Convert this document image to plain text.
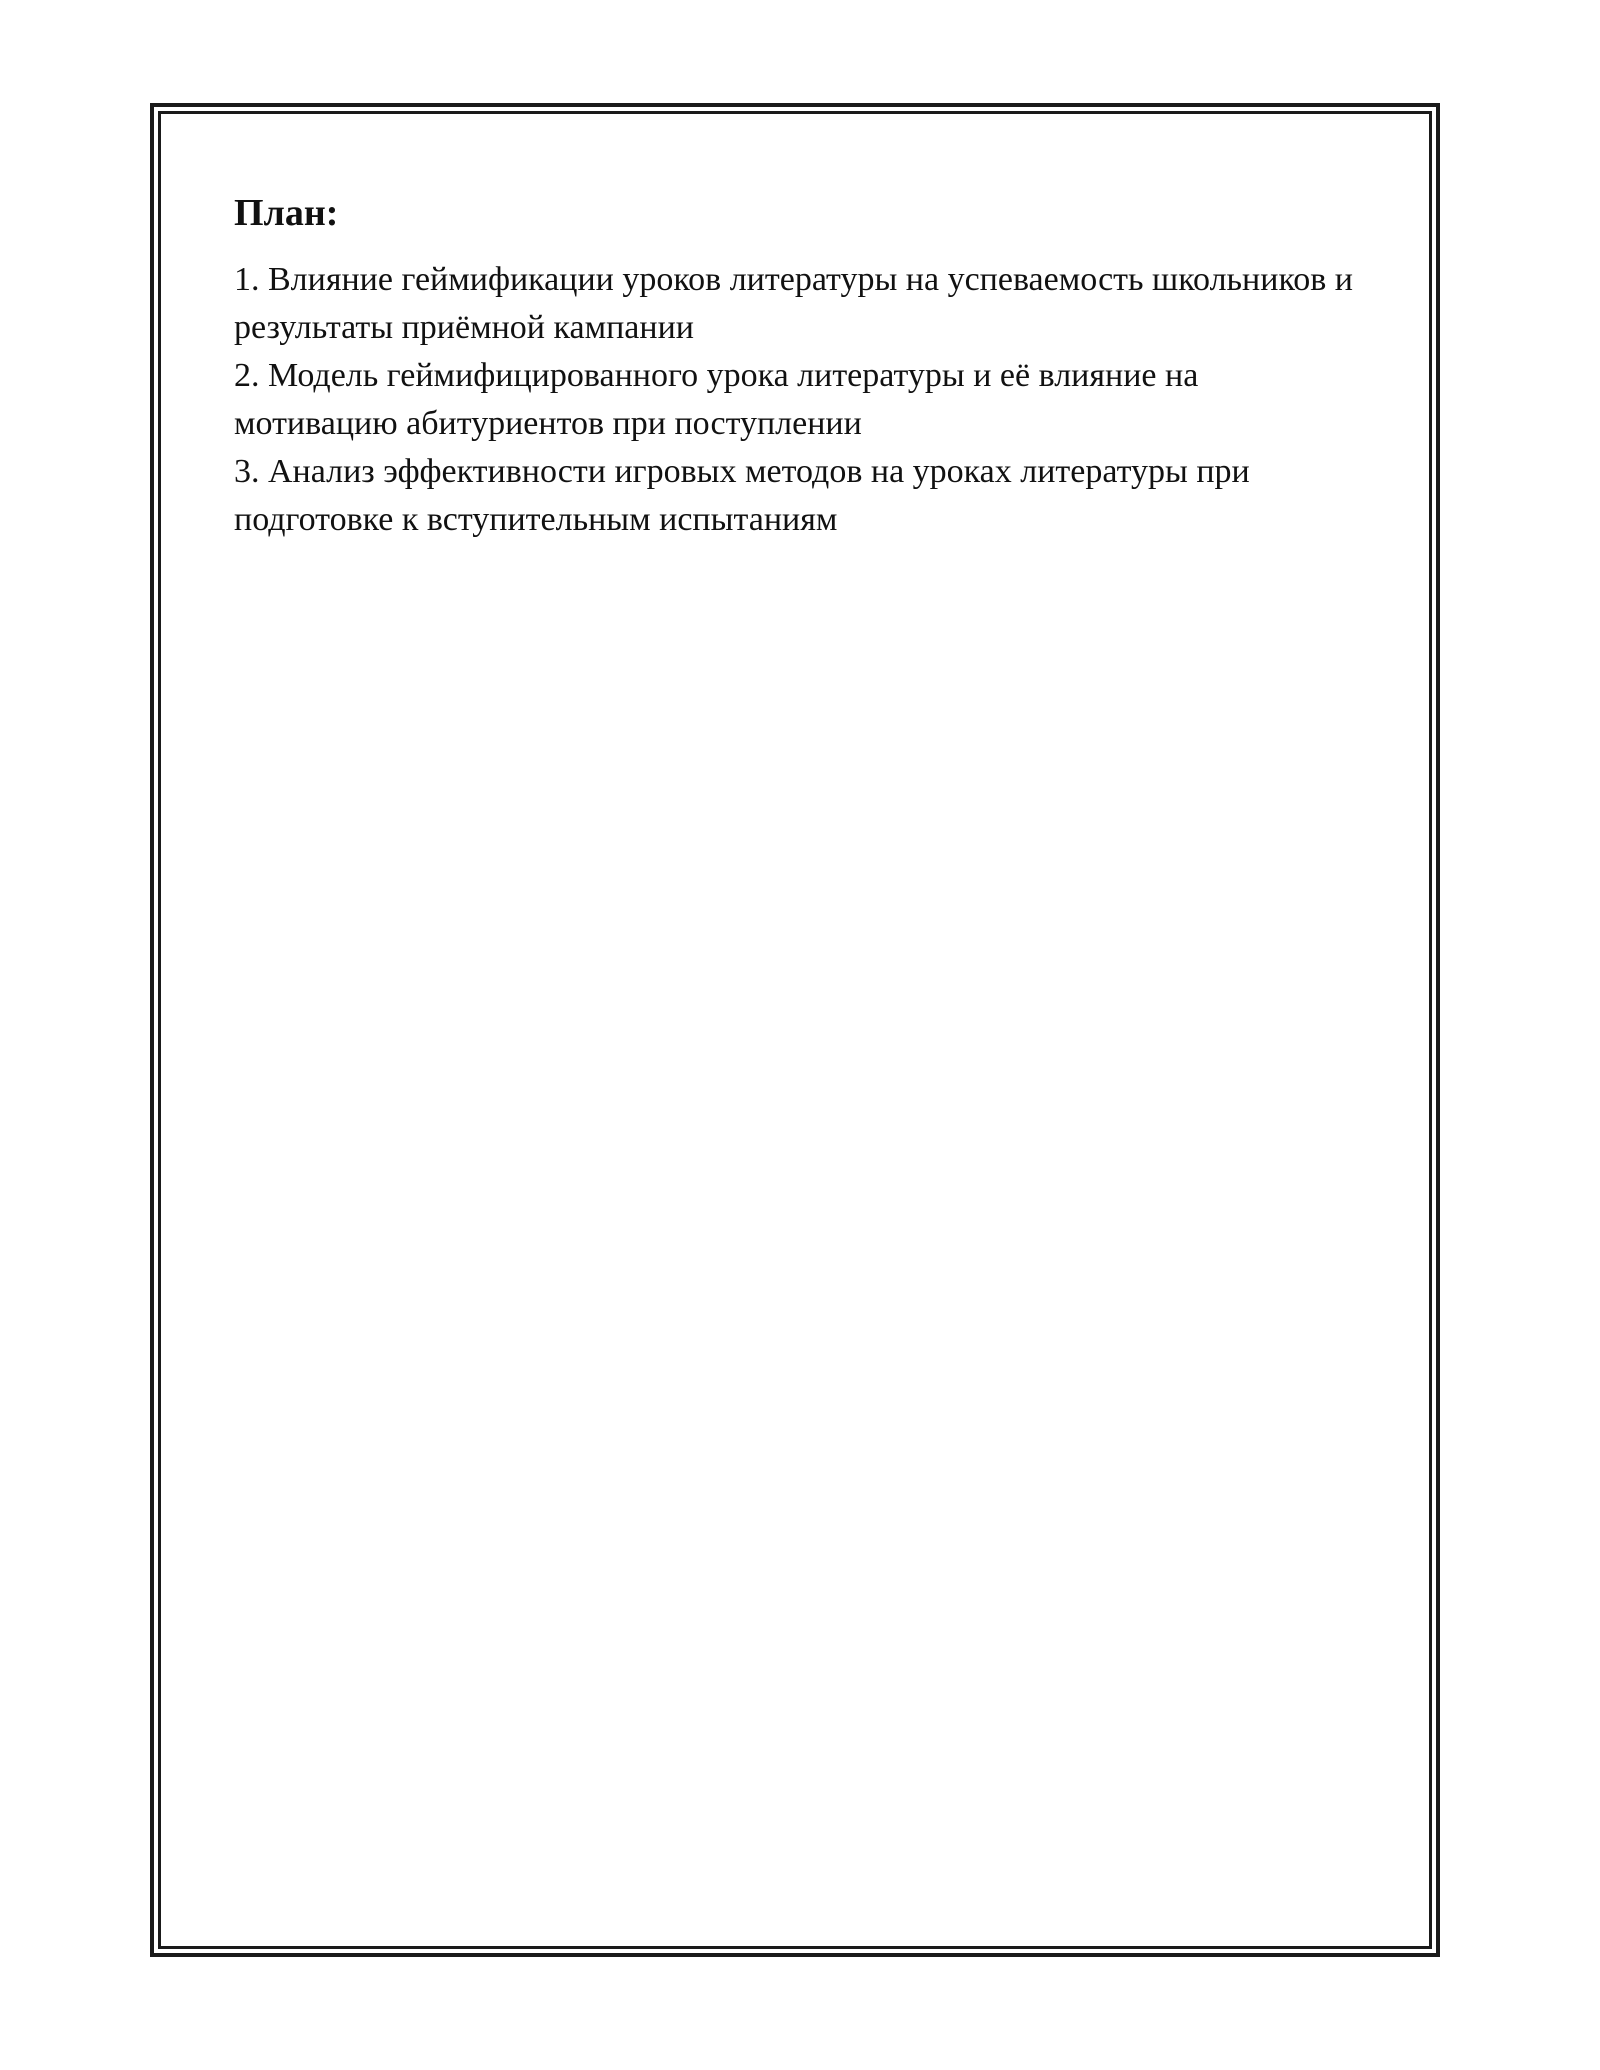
План:
1. Влияние геймификации уроков литературы на успеваемость школьников и результаты приёмной кампании
2. Модель геймифицированного урока литературы и её влияние на мотивацию абитуриентов при поступлении
3. Анализ эффективности игровых методов на уроках литературы при подготовке к вступительным испытаниям
